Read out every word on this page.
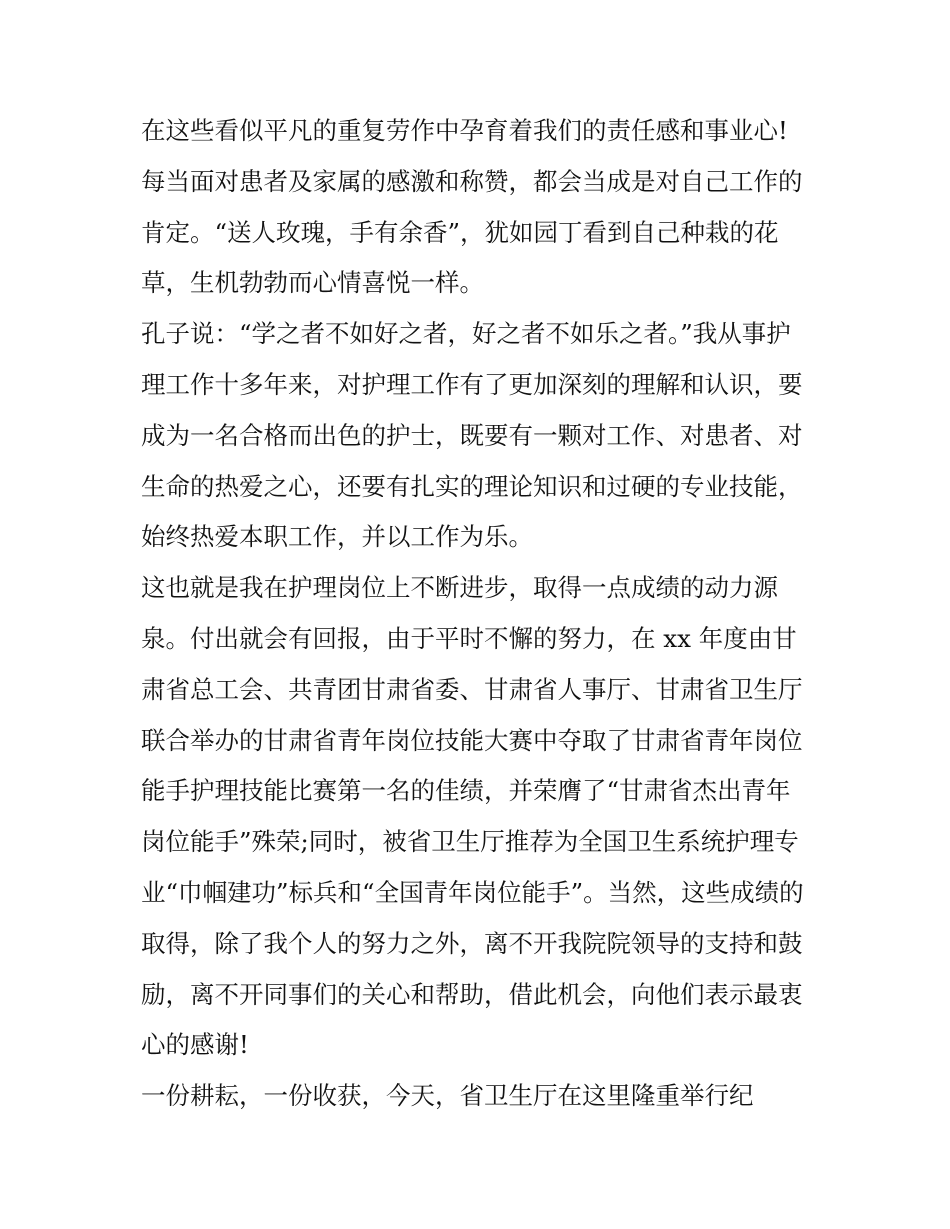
在这些看似平凡的重复劳作中孕育着我们的责任感和事业心!

每当面对患者及家属的感激和称赞，都会当成是对自己工作的

肯定。“送人玫瑰，手有余香”，犹如园丁看到自己种栽的花

草，生机勃勃而心情喜悦一样。

孔子说：“学之者不如好之者，好之者不如乐之者。”我从事护

理工作十多年来，对护理工作有了更加深刻的理解和认识，要

成为一名合格而出色的护士，既要有一颗对工作、对患者、对

生命的热爱之心，还要有扎实的理论知识和过硬的专业技能，

始终热爱本职工作，并以工作为乐。

这也就是我在护理岗位上不断进步，取得一点成绩的动力源

泉。付出就会有回报，由于平时不懈的努力，在 xx 年度由甘

肃省总工会、共青团甘肃省委、甘肃省人事厅、甘肃省卫生厅

联合举办的甘肃省青年岗位技能大赛中夺取了甘肃省青年岗位

能手护理技能比赛第一名的佳绩，并荣膺了“甘肃省杰出青年

岗位能手”殊荣;同时，被省卫生厅推荐为全国卫生系统护理专

业“巾帼建功”标兵和“全国青年岗位能手”。当然，这些成绩的

取得，除了我个人的努力之外，离不开我院院领导的支持和鼓

励，离不开同事们的关心和帮助，借此机会，向他们表示最衷

心的感谢!

一份耕耘，一份收获，今天，省卫生厅在这里隆重举行纪
